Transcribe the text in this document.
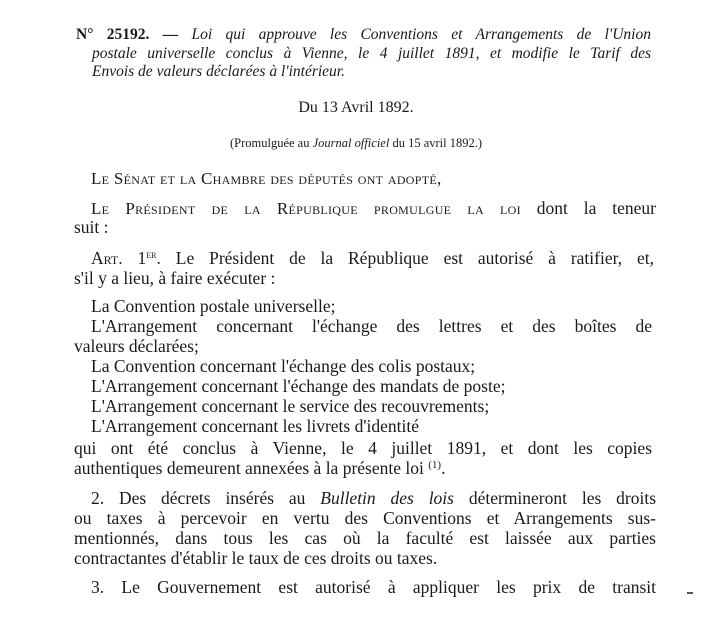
N° 25192. — Loi qui approuve les Conventions et Arrangements de l'Union
postale universelle conclus à Vienne, le 4 juillet 1891, et modifie le Tarif des
Envois de valeurs déclarées à l'intérieur.
Du 13 Avril 1892.
(Promulguée au Journal officiel du 15 avril 1892.)
Le Sénat et la Chambre des députés ont adopté,
Le Président de la République promulgue la loi dont la teneur
suit :
Art. 1er. Le Président de la République est autorisé à ratifier, et,
s'il y a lieu, à faire exécuter :
La Convention postale universelle;
L'Arrangement concernant l'échange des lettres et des boîtes de
valeurs déclarées;
La Convention concernant l'échange des colis postaux;
L'Arrangement concernant l'échange des mandats de poste;
L'Arrangement concernant le service des recouvrements;
L'Arrangement concernant les livrets d'identité
qui ont été conclus à Vienne, le 4 juillet 1891, et dont les copies
authentiques demeurent annexées à la présente loi $^{(1)}$.
2. Des décrets insérés au Bulletin des lois détermineront les droits
ou taxes à percevoir en vertu des Conventions et Arrangements sus-
mentionnés, dans tous les cas où la faculté est laissée aux parties
contractantes d'établir le taux de ces droits ou taxes.
3. Le Gouvernement est autorisé à appliquer les prix de transit
